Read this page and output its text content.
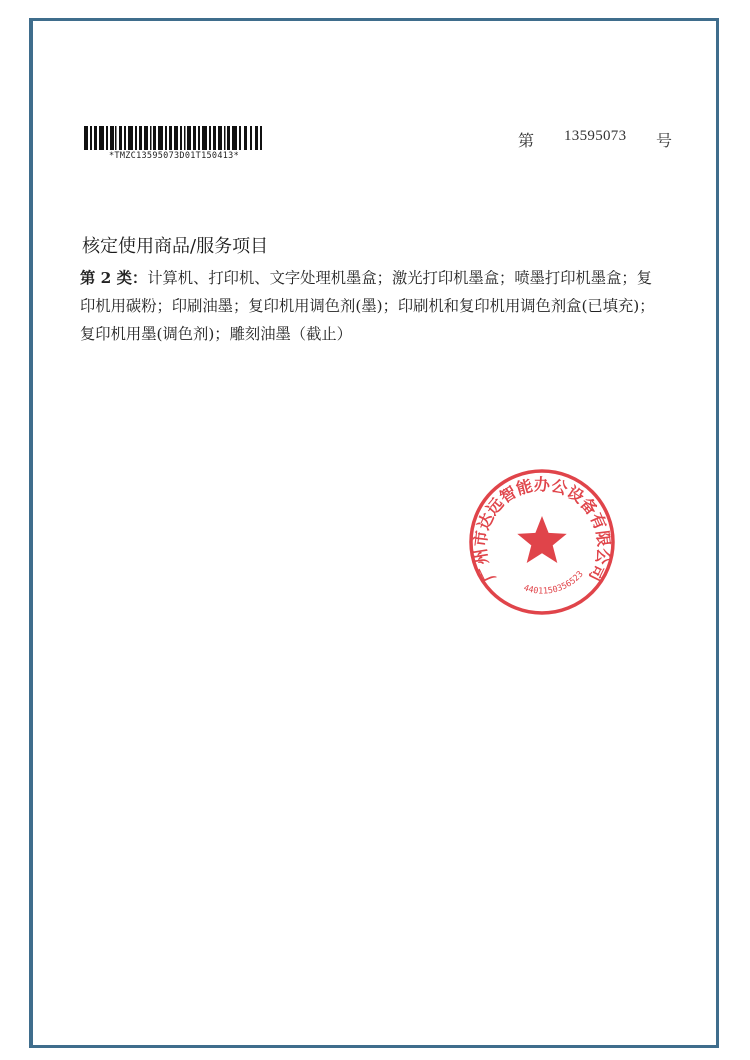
*TMZC13595073D01T150413*
第 13595073 号
核定使用商品/服务项目
第 2 类：计算机、打印机、文字处理机墨盒；激光打印机墨盒；喷墨打印机墨盒；复
印机用碳粉；印刷油墨；复印机用调色剂(墨)；印刷机和复印机用调色剂盒(已填充)；
复印机用墨(调色剂)；雕刻油墨（截止）
广州市达远智能办公设备有限公司
4401150356523
